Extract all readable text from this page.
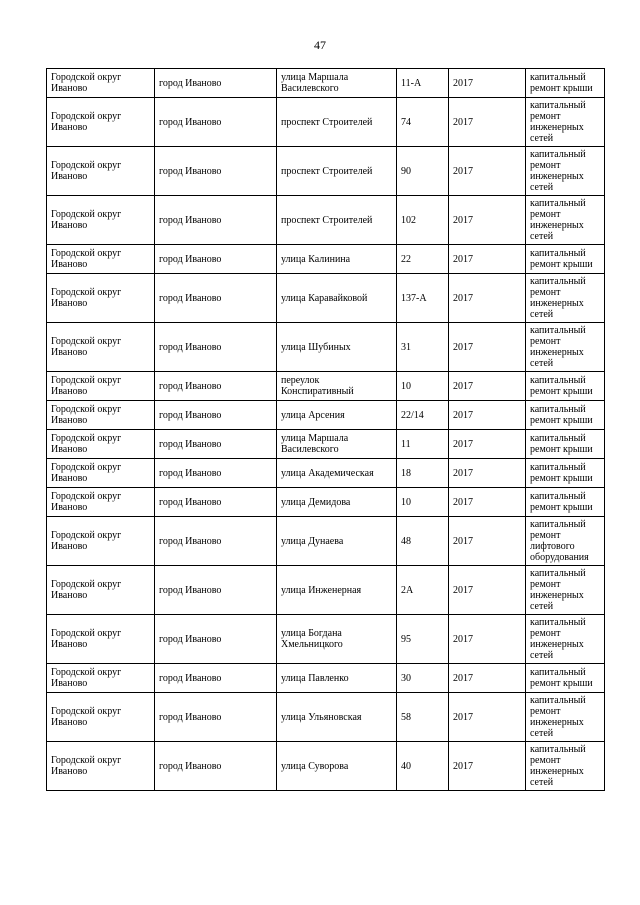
47
Городской округ Иваново	город Иваново	улица Маршала Василевского	11-А	2017	капитальный ремонт крыши
Городской округ Иваново	город Иваново	проспект Строителей	74	2017	капитальный ремонт инженерных сетей
Городской округ Иваново	город Иваново	проспект Строителей	90	2017	капитальный ремонт инженерных сетей
Городской округ Иваново	город Иваново	проспект Строителей	102	2017	капитальный ремонт инженерных сетей
Городской округ Иваново	город Иваново	улица Калинина	22	2017	капитальный ремонт крыши
Городской округ Иваново	город Иваново	улица Каравайковой	137-А	2017	капитальный ремонт инженерных сетей
Городской округ Иваново	город Иваново	улица Шубиных	31	2017	капитальный ремонт инженерных сетей
Городской округ Иваново	город Иваново	переулок Конспиративный	10	2017	капитальный ремонт крыши
Городской округ Иваново	город Иваново	улица Арсения	22/14	2017	капитальный ремонт крыши
Городской округ Иваново	город Иваново	улица Маршала Василевского	11	2017	капитальный ремонт крыши
Городской округ Иваново	город Иваново	улица Академическая	18	2017	капитальный ремонт крыши
Городской округ Иваново	город Иваново	улица Демидова	10	2017	капитальный ремонт крыши
Городской округ Иваново	город Иваново	улица Дунаева	48	2017	капитальный ремонт лифтового оборудования
Городской округ Иваново	город Иваново	улица Инженерная	2А	2017	капитальный ремонт инженерных сетей
Городской округ Иваново	город Иваново	улица Богдана Хмельницкого	95	2017	капитальный ремонт инженерных сетей
Городской округ Иваново	город Иваново	улица Павленко	30	2017	капитальный ремонт крыши
Городской округ Иваново	город Иваново	улица Ульяновская	58	2017	капитальный ремонт инженерных сетей
Городской округ Иваново	город Иваново	улица Суворова	40	2017	капитальный ремонт инженерных сетей
